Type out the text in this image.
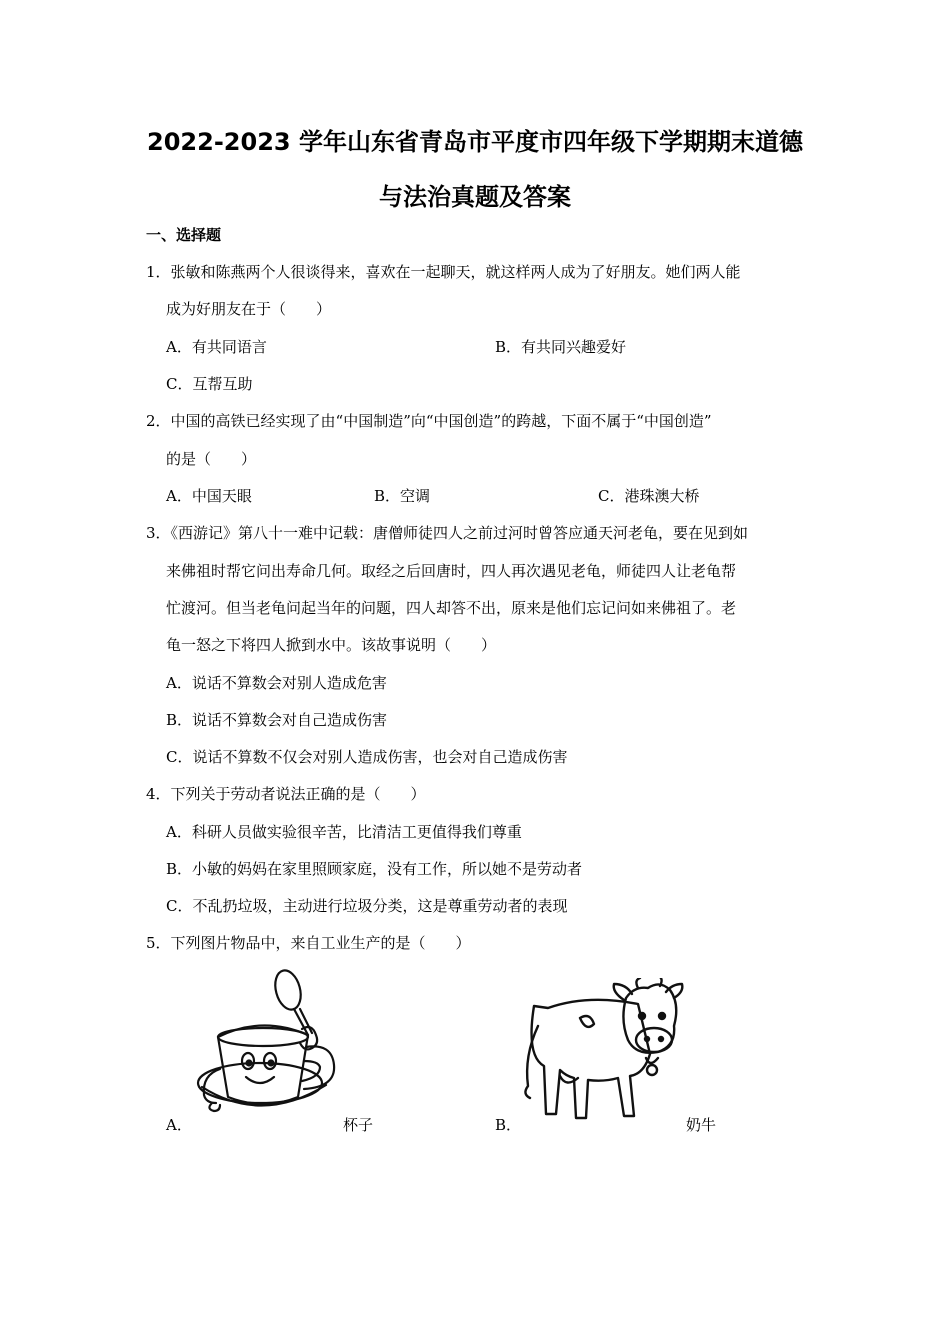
2022-2023 学年山东省青岛市平度市四年级下学期期末道德
与法治真题及答案
一、选择题
1．张敏和陈燕两个人很谈得来，喜欢在一起聊天，就这样两人成为了好朋友。她们两人能
成为好朋友在于（　　）
A．有共同语言	B．有共同兴趣爱好
C．互帮互助
2．中国的高铁已经实现了由“中国制造”向“中国创造”的跨越，下面不属于“中国创造”
的是（　　）
A．中国天眼	B．空调	C．港珠澳大桥
3．《西游记》第八十一难中记载：唐僧师徒四人之前过河时曾答应通天河老龟，要在见到如
来佛祖时帮它问出寿命几何。取经之后回唐时，四人再次遇见老龟，师徒四人让老龟帮
忙渡河。但当老龟问起当年的问题，四人却答不出，原来是他们忘记问如来佛祖了。老
龟一怒之下将四人掀到水中。该故事说明（　　）
A．说话不算数会对别人造成危害
B．说话不算数会对自己造成伤害
C．说话不算数不仅会对别人造成伤害，也会对自己造成伤害
4．下列关于劳动者说法正确的是（　　）
A．科研人员做实验很辛苦，比清洁工更值得我们尊重
B．小敏的妈妈在家里照顾家庭，没有工作，所以她不是劳动者
C．不乱扔垃圾，主动进行垃圾分类，这是尊重劳动者的表现
5．下列图片物品中，来自工业生产的是（　　）
A．	杯子	B．	奶牛
